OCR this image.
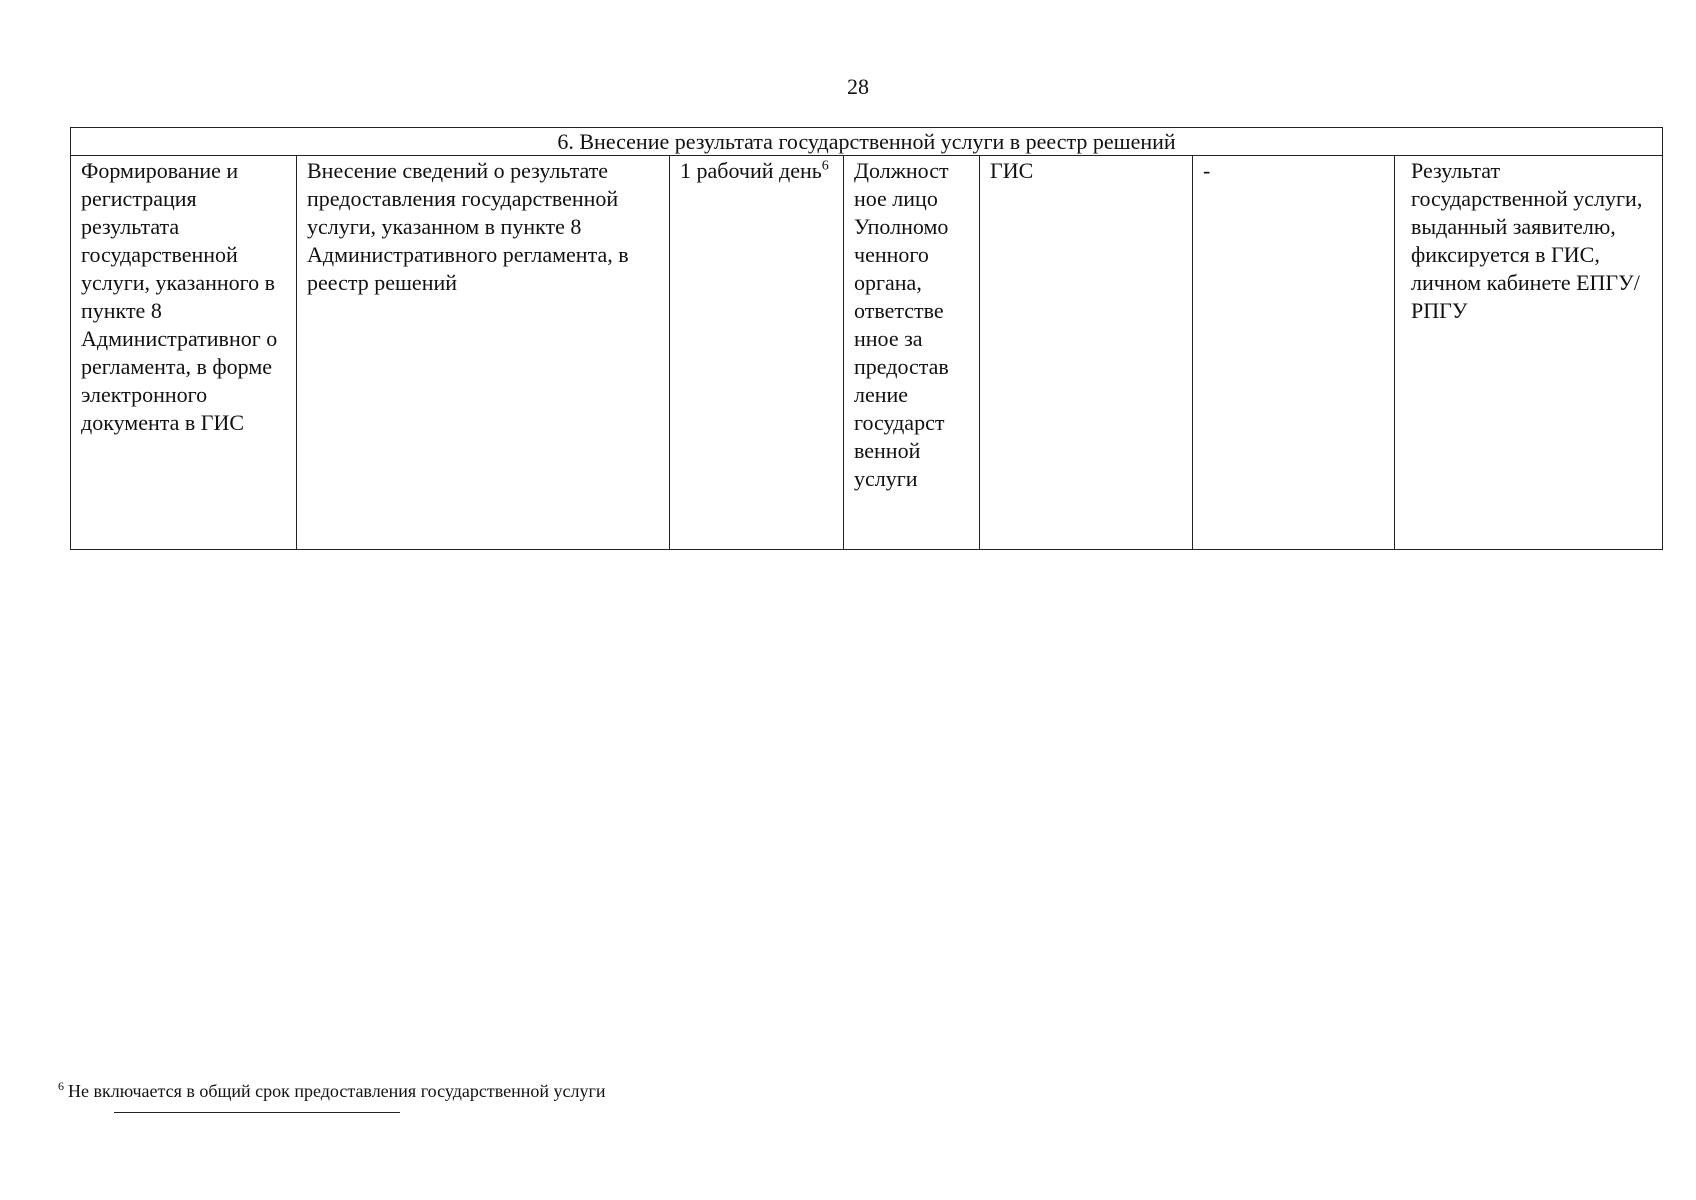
28
6. Внесение результата государственной услуги в реестр решений
Формирование и регистрация результата государственной услуги, указанного в пункте 8 Административног о регламента, в форме электронного документа в ГИС	Внесение сведений о результате предоставления государственной услуги, указанном в пункте 8 Административного регламента, в реестр решений	1 рабочий день$^6$	Должност ное лицо Уполномо ченного органа, ответстве нное за предостав ление государст венной услуги	ГИС	-	Результат государственной услуги, выданный заявителю, фиксируется в ГИС, личном кабинете ЕПГУ/РПГУ
$^6$ Не включается в общий срок предоставления государственной услуги
